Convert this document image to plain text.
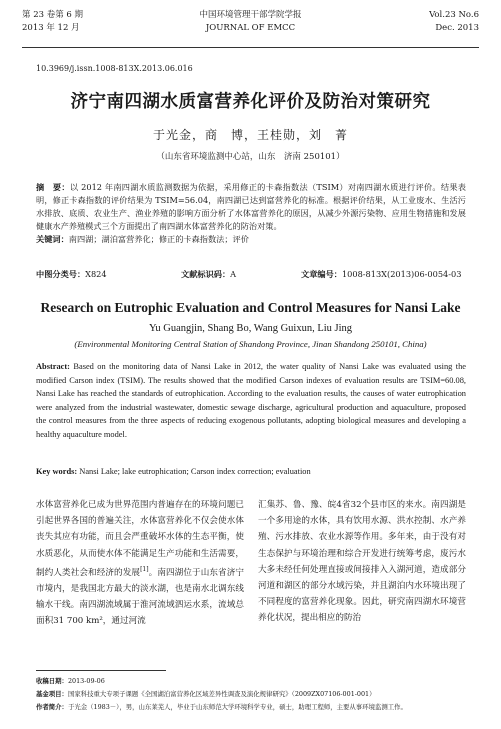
第 23 卷第 6 期
2013 年 12 月
中国环境管理干部学院学报
JOURNAL OF EMCC
Vol.23 No.6
Dec. 2013
10.3969/j.issn.1008-813X.2013.06.016
济宁南四湖水质富营养化评价及防治对策研究
于光金，商　博，王桂勋，刘　菁
（山东省环境监测中心站，山东　济南 250101）
摘　要：以 2012 年南四湖水质监测数据为依据，采用修正的卡森指数法（TSIM）对南四湖水质进行评价。结果表明，修正卡森指数的评价结果为 TSIM=56.04，南四湖已达到富营养化的标准。根据评价结果，从工业废水、生活污水排放、底质、农业生产、渔业养殖的影响方面分析了水体富营养化的原因，从减少外源污染物、应用生物措施和发展健康水产养殖模式三个方面提出了南四湖水体富营养化的防治对策。
关键词：南四湖；湖泊富营养化；修正的卡森指数法；评价
中图分类号： X824	文献标识码： A	文章编号： 1008-813X(2013)06-0054-03
Research on Eutrophic Evaluation and Control Measures for Nansi Lake
Yu Guangjin, Shang Bo, Wang Guixun, Liu Jing
(Environmental Monitoring Central Station of Shandong Province, Jinan Shandong 250101, China)
Abstract: Based on the monitoring data of Nansi Lake in 2012, the water quality of Nansi Lake was evaluated using the modified Carson index (TSIM). The results showed that the modified Carson indexes of evaluation results are TSIM=60.08, Nansi Lake has reached the standards of eutrophication. According to the evaluation results, the causes of water eutrophication were analyzed from the industrial wastewater, domestic sewage discharge, agricultural production and aquaculture, proposed the control measures from the three aspects of reducing exogenous pollutants, adopting biological measures and developing a healthy aquaculture model.
Key words: Nansi Lake; lake eutrophication; Carson index correction; evaluation
水体富营养化已成为世界范围内普遍存在的环境问题已引起世界各国的普遍关注，水体富营养化不仅会使水体丧失其应有功能，而且会严重破坏水体的生态平衡，使水质恶化，从而使水体不能满足生产功能和生活需要，制约人类社会和经济的发展[1]。南四湖位于山东省济宁市境内，是我国北方最大的淡水湖，也是南水北调东线输水干线。南四湖流域属于淮河流域泗运水系，流域总面积31 700 km²，通过河流
汇集苏、鲁、豫、皖4省32个县市区的来水。南四湖是一个多用途的水体，具有饮用水源、洪水控制、水产养殖、污水排放、农业水源等作用。多年来，由于没有对生态保护与环境治理和综合开发进行统筹考虑，废污水大多未经任何处理直接或间接排入入湖河道，造成部分河道和湖区的部分水域污染，并且湖泊内水环境出现了不同程度的富营养化现象。因此，研究南四湖水环境营养化状况，提出相应的防治
收稿日期：2013-09-06
基金项目：国家科技重大专项子课题《全国湖泊富营养化区域差异性调查及演化规律研究》（2009ZX07106-001-001）
作者简介：于光金（1983－），男，山东莱芜人，毕业于山东师范大学环境科学专业，硕士，助理工程师，主要从事环境监测工作。
